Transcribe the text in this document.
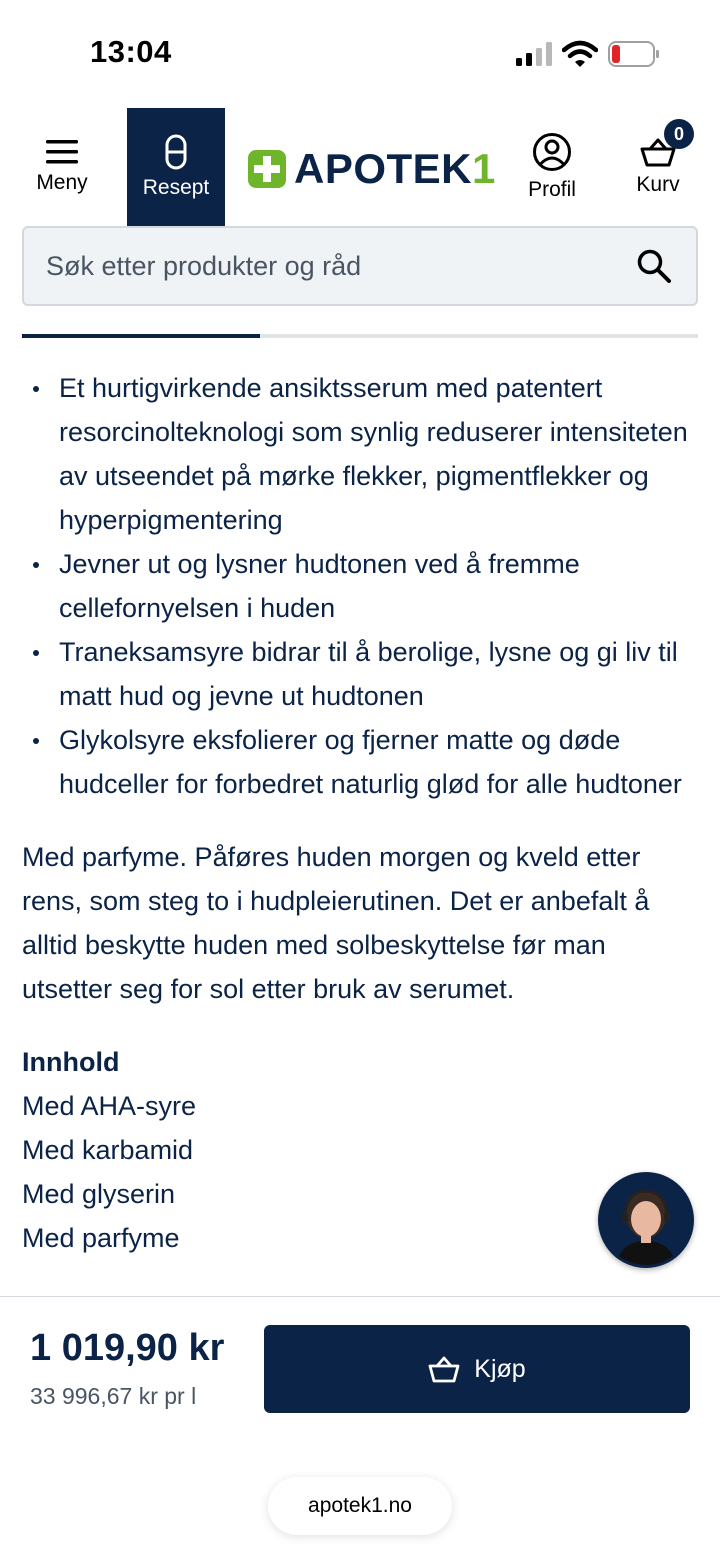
13:04
Meny	Resept APOTEK1 Profil	Kurv
0
Søk etter produkter og råd
Et hurtigvirkende ansiktsserum med patentert resorcinolteknologi som synlig reduserer intensiteten av utseendet på mørke flekker, pigmentflekker og hyperpigmentering
Jevner ut og lysner hudtonen ved å fremme cellefornyelsen i huden
Traneksamsyre bidrar til å berolige, lysne og gi liv til matt hud og jevne ut hudtonen
Glykolsyre eksfolierer og fjerner matte og døde hudceller for forbedret naturlig glød for alle hudtoner

Med parfyme. Påføres huden morgen og kveld etter rens, som steg to i hudpleierutinen. Det er anbefalt å alltid beskytte huden med solbeskyttelse før man utsetter seg for sol etter bruk av serumet.

Innhold
Med AHA-syre
Med karbamid
Med glyserin
Med parfyme
1 019,90 kr
33 996,67 kr pr l
Kjøp
apotek1.no
